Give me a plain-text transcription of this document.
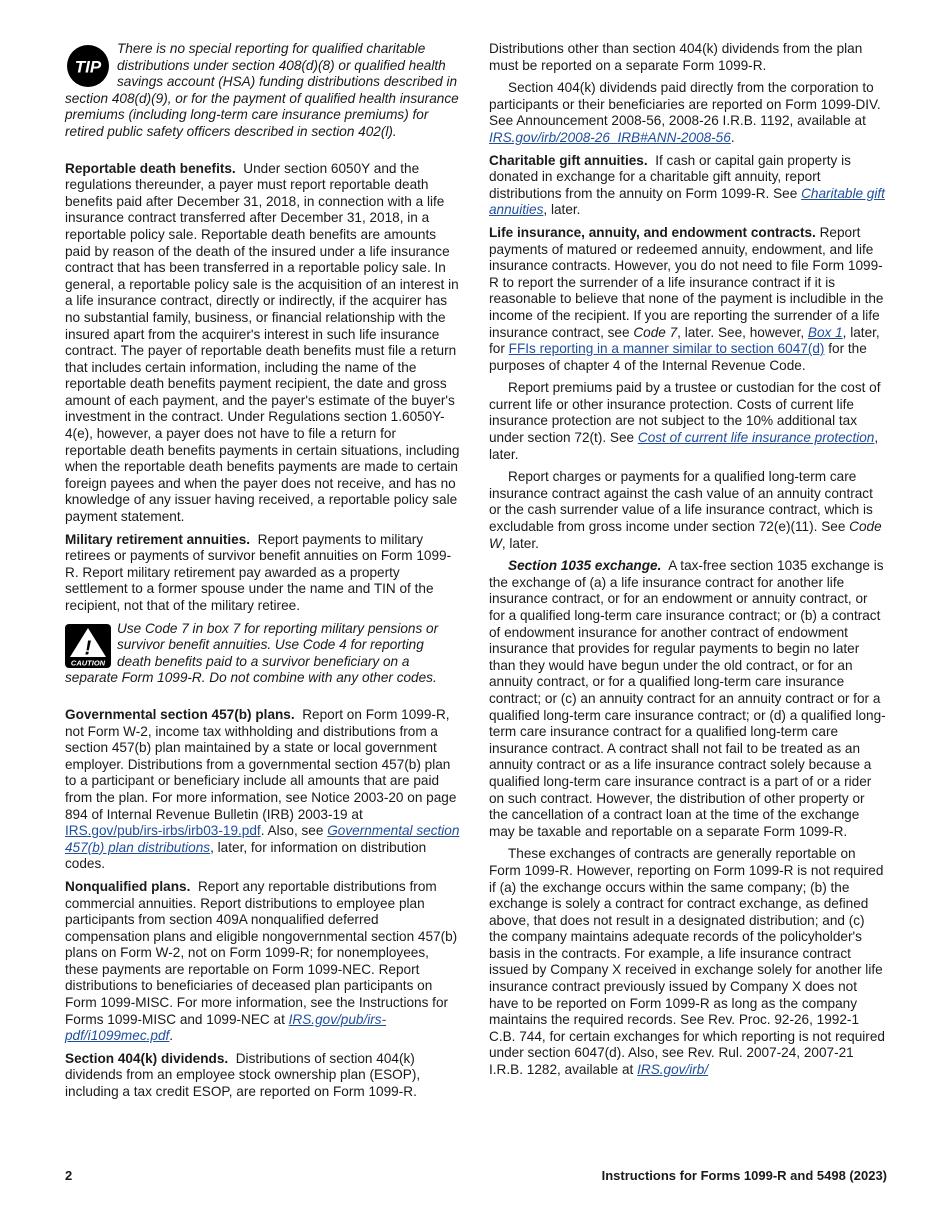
TIP
There is no special reporting for qualified charitable distributions under section 408(d)(8) or qualified health savings account (HSA) funding distributions described in section 408(d)(9), or for the payment of qualified health insurance premiums (including long-term care insurance premiums) for retired public safety officers described in section 402(l).

Reportable death benefits. Under section 6050Y and the regulations thereunder, a payer must report reportable death benefits paid after December 31, 2018, in connection with a life insurance contract transferred after December 31, 2018, in a reportable policy sale. Reportable death benefits are amounts paid by reason of the death of the insured under a life insurance contract that has been transferred in a reportable policy sale. In general, a reportable policy sale is the acquisition of an interest in a life insurance contract, directly or indirectly, if the acquirer has no substantial family, business, or financial relationship with the insured apart from the acquirer's interest in such life insurance contract. The payer of reportable death benefits must file a return that includes certain information, including the name of the reportable death benefits payment recipient, the date and gross amount of each payment, and the payer's estimate of the buyer's investment in the contract. Under Regulations section 1.6050Y-4(e), however, a payer does not have to file a return for reportable death benefits payments in certain situations, including when the reportable death benefits payments are made to certain foreign payees and when the payer does not receive, and has no knowledge of any issuer having received, a reportable policy sale payment statement.

Military retirement annuities. Report payments to military retirees or payments of survivor benefit annuities on Form 1099-R. Report military retirement pay awarded as a property settlement to a former spouse under the name and TIN of the recipient, not that of the military retiree.

!
CAUTION
Use Code 7 in box 7 for reporting military pensions or survivor benefit annuities. Use Code 4 for reporting death benefits paid to a survivor beneficiary on a separate Form 1099-R. Do not combine with any other codes.

Governmental section 457(b) plans. Report on Form 1099-R, not Form W-2, income tax withholding and distributions from a section 457(b) plan maintained by a state or local government employer. Distributions from a governmental section 457(b) plan to a participant or beneficiary include all amounts that are paid from the plan. For more information, see Notice 2003-20 on page 894 of Internal Revenue Bulletin (IRB) 2003-19 at IRS.gov/pub/irs-irbs/irb03-19.pdf. Also, see Governmental section 457(b) plan distributions, later, for information on distribution codes.

Nonqualified plans. Report any reportable distributions from commercial annuities. Report distributions to employee plan participants from section 409A nonqualified deferred compensation plans and eligible nongovernmental section 457(b) plans on Form W-2, not on Form 1099-R; for nonemployees, these payments are reportable on Form 1099-NEC. Report distributions to beneficiaries of deceased plan participants on Form 1099-MISC. For more information, see the Instructions for Forms 1099-MISC and 1099-NEC at IRS.gov/pub/irs-pdf/i1099mec.pdf.

Section 404(k) dividends. Distributions of section 404(k) dividends from an employee stock ownership plan (ESOP), including a tax credit ESOP, are reported on Form 1099-R.

Distributions other than section 404(k) dividends from the plan must be reported on a separate Form 1099-R.

Section 404(k) dividends paid directly from the corporation to participants or their beneficiaries are reported on Form 1099-DIV. See Announcement 2008-56, 2008-26 I.R.B. 1192, available at IRS.gov/irb/2008-26_IRB#ANN-2008-56.

Charitable gift annuities. If cash or capital gain property is donated in exchange for a charitable gift annuity, report distributions from the annuity on Form 1099-R. See Charitable gift annuities, later.

Life insurance, annuity, and endowment contracts. Report payments of matured or redeemed annuity, endowment, and life insurance contracts. However, you do not need to file Form 1099-R to report the surrender of a life insurance contract if it is reasonable to believe that none of the payment is includible in the income of the recipient. If you are reporting the surrender of a life insurance contract, see Code 7, later. See, however, Box 1, later, for FFIs reporting in a manner similar to section 6047(d) for the purposes of chapter 4 of the Internal Revenue Code.

Report premiums paid by a trustee or custodian for the cost of current life or other insurance protection. Costs of current life insurance protection are not subject to the 10% additional tax under section 72(t). See Cost of current life insurance protection, later.

Report charges or payments for a qualified long-term care insurance contract against the cash value of an annuity contract or the cash surrender value of a life insurance contract, which is excludable from gross income under section 72(e)(11). See Code W, later.

Section 1035 exchange. A tax-free section 1035 exchange is the exchange of (a) a life insurance contract for another life insurance contract, or for an endowment or annuity contract, or for a qualified long-term care insurance contract; or (b) a contract of endowment insurance for another contract of endowment insurance that provides for regular payments to begin no later than they would have begun under the old contract, or for an annuity contract, or for a qualified long-term care insurance contract; or (c) an annuity contract for an annuity contract or for a qualified long-term care insurance contract; or (d) a qualified long-term care insurance contract for a qualified long-term care insurance contract. A contract shall not fail to be treated as an annuity contract or as a life insurance contract solely because a qualified long-term care insurance contract is a part of or a rider on such contract. However, the distribution of other property or the cancellation of a contract loan at the time of the exchange may be taxable and reportable on a separate Form 1099-R.

These exchanges of contracts are generally reportable on Form 1099-R. However, reporting on Form 1099-R is not required if (a) the exchange occurs within the same company; (b) the exchange is solely a contract for contract exchange, as defined above, that does not result in a designated distribution; and (c) the company maintains adequate records of the policyholder's basis in the contracts. For example, a life insurance contract issued by Company X received in exchange solely for another life insurance contract previously issued by Company X does not have to be reported on Form 1099-R as long as the company maintains the required records. See Rev. Proc. 92-26, 1992-1 C.B. 744, for certain exchanges for which reporting is not required under section 6047(d). Also, see Rev. Rul. 2007-24, 2007-21 I.R.B. 1282, available at IRS.gov/irb/

2	Instructions for Forms 1099-R and 5498 (2023)
